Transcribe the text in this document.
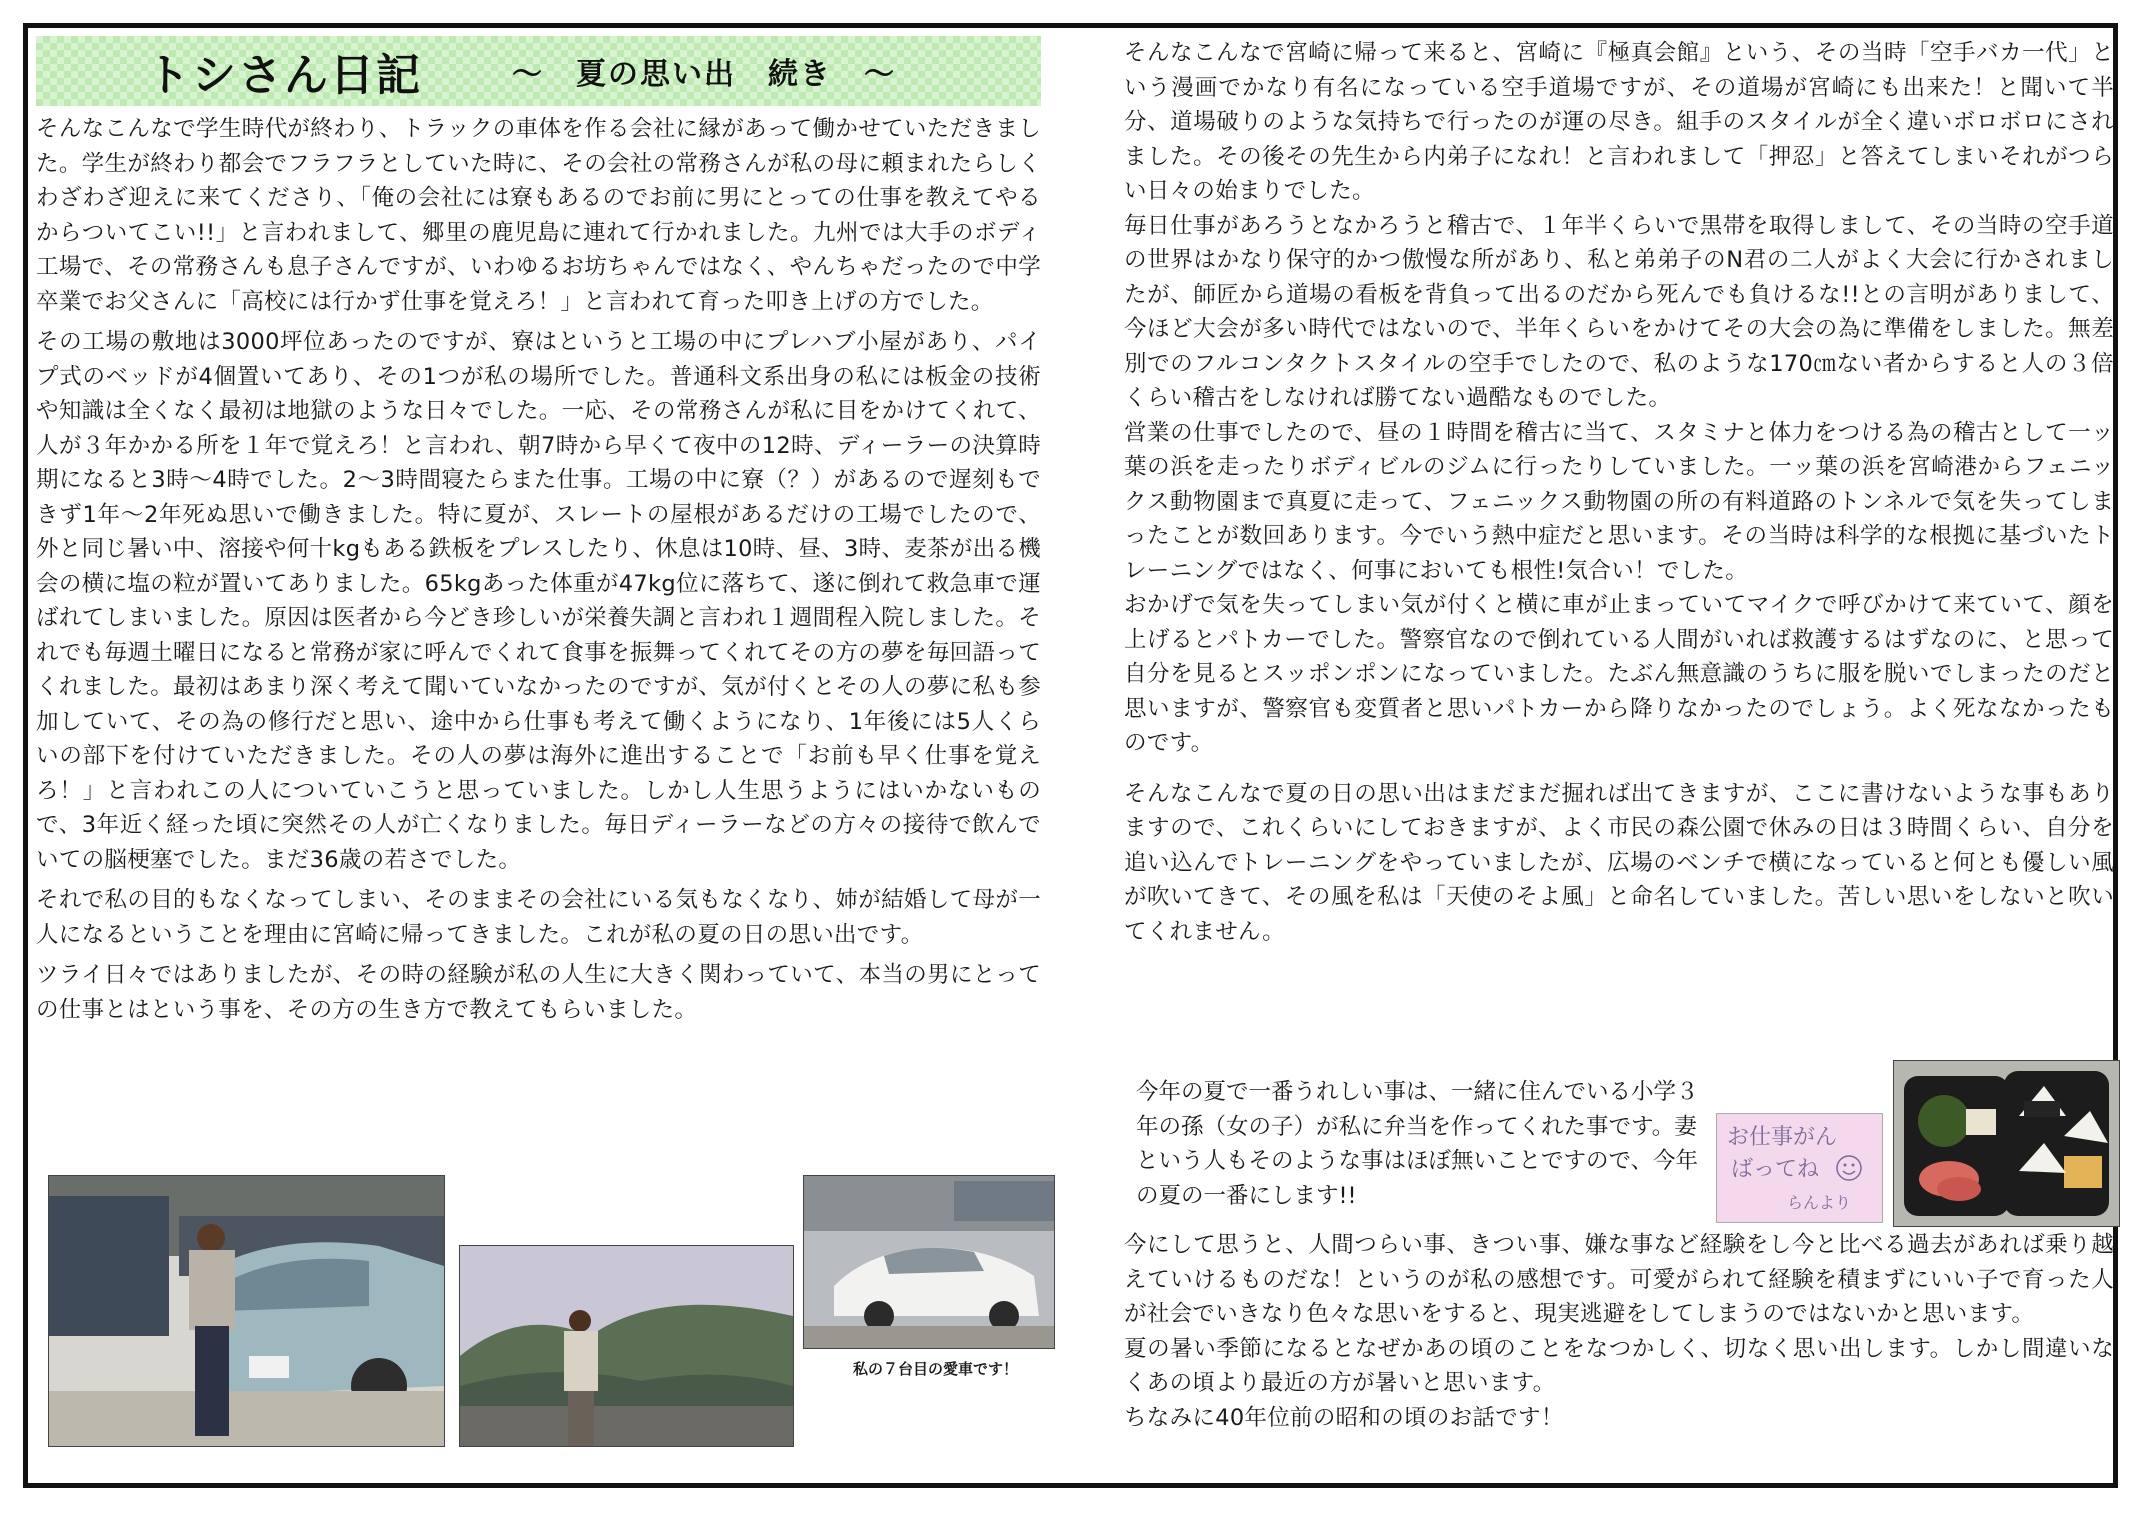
トシさん日記	～　夏の思い出　続き　～

そんなこんなで学生時代が終わり、トラックの車体を作る会社に縁があって働かせていただきました。学生が終わり都会でフラフラとしていた時に、その会社の常務さんが私の母に頼まれたらしくわざわざ迎えに来てくださり、「俺の会社には寮もあるのでお前に男にとっての仕事を教えてやるからついてこい!!」と言われまして、郷里の鹿児島に連れて行かれました。九州では大手のボディ工場で、その常務さんも息子さんですが、いわゆるお坊ちゃんではなく、やんちゃだったので中学卒業でお父さんに「高校には行かず仕事を覚えろ！」と言われて育った叩き上げの方でした。

その工場の敷地は3000坪位あったのですが、寮はというと工場の中にプレハブ小屋があり、パイプ式のベッドが4個置いてあり、その1つが私の場所でした。普通科文系出身の私には板金の技術や知識は全くなく最初は地獄のような日々でした。一応、その常務さんが私に目をかけてくれて、人が３年かかる所を１年で覚えろ！と言われ、朝7時から早くて夜中の12時、ディーラーの決算時期になると3時～4時でした。2～3時間寝たらまた仕事。工場の中に寮（？）があるので遅刻もできず1年～2年死ぬ思いで働きました。特に夏が、スレートの屋根があるだけの工場でしたので、外と同じ暑い中、溶接や何十kgもある鉄板をプレスしたり、休息は10時、昼、3時、麦茶が出る機会の横に塩の粒が置いてありました。65kgあった体重が47kg位に落ちて、遂に倒れて救急車で運ばれてしまいました。原因は医者から今どき珍しいが栄養失調と言われ１週間程入院しました。それでも毎週土曜日になると常務が家に呼んでくれて食事を振舞ってくれてその方の夢を毎回語ってくれました。最初はあまり深く考えて聞いていなかったのですが、気が付くとその人の夢に私も参加していて、その為の修行だと思い、途中から仕事も考えて働くようになり、1年後には5人くらいの部下を付けていただきました。その人の夢は海外に進出することで「お前も早く仕事を覚えろ！」と言われこの人についていこうと思っていました。しかし人生思うようにはいかないもので、3年近く経った頃に突然その人が亡くなりました。毎日ディーラーなどの方々の接待で飲んでいての脳梗塞でした。まだ36歳の若さでした。

それで私の目的もなくなってしまい、そのままその会社にいる気もなくなり、姉が結婚して母が一人になるということを理由に宮崎に帰ってきました。これが私の夏の日の思い出です。

ツライ日々ではありましたが、その時の経験が私の人生に大きく関わっていて、本当の男にとっての仕事とはという事を、その方の生き方で教えてもらいました。

私の７台目の愛車です！

そんなこんなで宮崎に帰って来ると、宮崎に『極真会館』という、その当時「空手バカ一代」という漫画でかなり有名になっている空手道場ですが、その道場が宮崎にも出来た！と聞いて半分、道場破りのような気持ちで行ったのが運の尽き。組手のスタイルが全く違いボロボロにされました。その後その先生から内弟子になれ！と言われまして「押忍」と答えてしまいそれがつらい日々の始まりでした。

毎日仕事があろうとなかろうと稽古で、１年半くらいで黒帯を取得しまして、その当時の空手道の世界はかなり保守的かつ傲慢な所があり、私と弟弟子のN君の二人がよく大会に行かされましたが、師匠から道場の看板を背負って出るのだから死んでも負けるな!!との言明がありまして、今ほど大会が多い時代ではないので、半年くらいをかけてその大会の為に準備をしました。無差別でのフルコンタクトスタイルの空手でしたので、私のような170㎝ない者からすると人の３倍くらい稽古をしなければ勝てない過酷なものでした。

営業の仕事でしたので、昼の１時間を稽古に当て、スタミナと体力をつける為の稽古として一ッ葉の浜を走ったりボディビルのジムに行ったりしていました。一ッ葉の浜を宮崎港からフェニックス動物園まで真夏に走って、フェニックス動物園の所の有料道路のトンネルで気を失ってしまったことが数回あります。今でいう熱中症だと思います。その当時は科学的な根拠に基づいたトレーニングではなく、何事においても根性!気合い！でした。

おかげで気を失ってしまい気が付くと横に車が止まっていてマイクで呼びかけて来ていて、顔を上げるとパトカーでした。警察官なので倒れている人間がいれば救護するはずなのに、と思って自分を見るとスッポンポンになっていました。たぶん無意識のうちに服を脱いでしまったのだと思いますが、警察官も変質者と思いパトカーから降りなかったのでしょう。よく死ななかったものです。

そんなこんなで夏の日の思い出はまだまだ掘れば出てきますが、ここに書けないような事もありますので、これくらいにしておきますが、よく市民の森公園で休みの日は３時間くらい、自分を追い込んでトレーニングをやっていましたが、広場のベンチで横になっていると何とも優しい風が吹いてきて、その風を私は「天使のそよ風」と命名していました。苦しい思いをしないと吹いてくれません。

今年の夏で一番うれしい事は、一緒に住んでいる小学３年の孫（女の子）が私に弁当を作ってくれた事です。妻という人もそのような事はほぼ無いことですので、今年の夏の一番にします!!
お仕事がん
ばってね
らんより

今にして思うと、人間つらい事、きつい事、嫌な事など経験をし今と比べる過去があれば乗り越えていけるものだな！というのが私の感想です。可愛がられて経験を積まずにいい子で育った人が社会でいきなり色々な思いをすると、現実逃避をしてしまうのではないかと思います。

夏の暑い季節になるとなぜかあの頃のことをなつかしく、切なく思い出します。しかし間違いなくあの頃より最近の方が暑いと思います。

ちなみに40年位前の昭和の頃のお話です！
